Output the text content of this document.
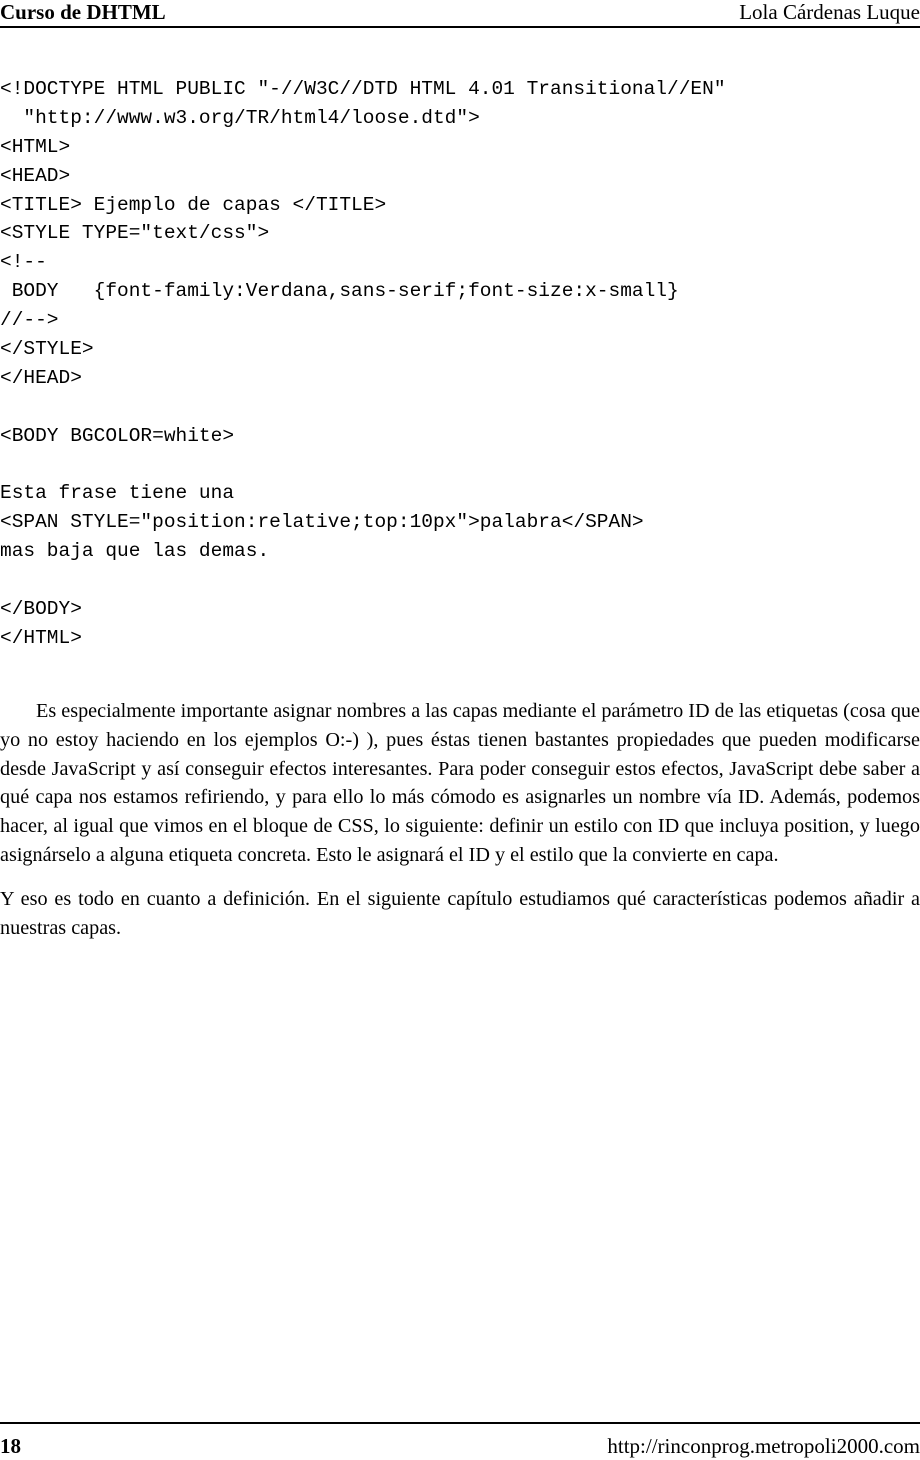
Curso de DHTML	Lola Cárdenas Luque
<!DOCTYPE HTML PUBLIC "-//W3C//DTD HTML 4.01 Transitional//EN"
"http://www.w3.org/TR/html4/loose.dtd">
<HTML>
<HEAD>
<TITLE> Ejemplo de capas </TITLE>
<STYLE TYPE="text/css">
<!--
BODY   {font-family:Verdana,sans-serif;font-size:x-small}
//-->
</STYLE>
</HEAD>
<BODY BGCOLOR=white>
Esta frase tiene una
<SPAN STYLE="position:relative;top:10px">palabra</SPAN>
mas baja que las demas.
</BODY>
</HTML>

Es especialmente importante asignar nombres a las capas mediante el parámetro ID de las etiquetas (cosa que yo no estoy haciendo en los ejemplos O:-) ), pues éstas tienen bastantes propiedades que pueden modificarse desde JavaScript y así conseguir efectos interesantes. Para poder conseguir estos efectos, JavaScript debe saber a qué capa nos estamos refiriendo, y para ello lo más cómodo es asignarles un nombre vía ID. Además, podemos hacer, al igual que vimos en el bloque de CSS, lo siguiente: definir un estilo con ID que incluya position, y luego asignárselo a alguna etiqueta concreta. Esto le asignará el ID y el estilo que la convierte en capa.

Y eso es todo en cuanto a definición. En el siguiente capítulo estudiamos qué características podemos añadir a nuestras capas.

18	http://rinconprog.metropoli2000.com
